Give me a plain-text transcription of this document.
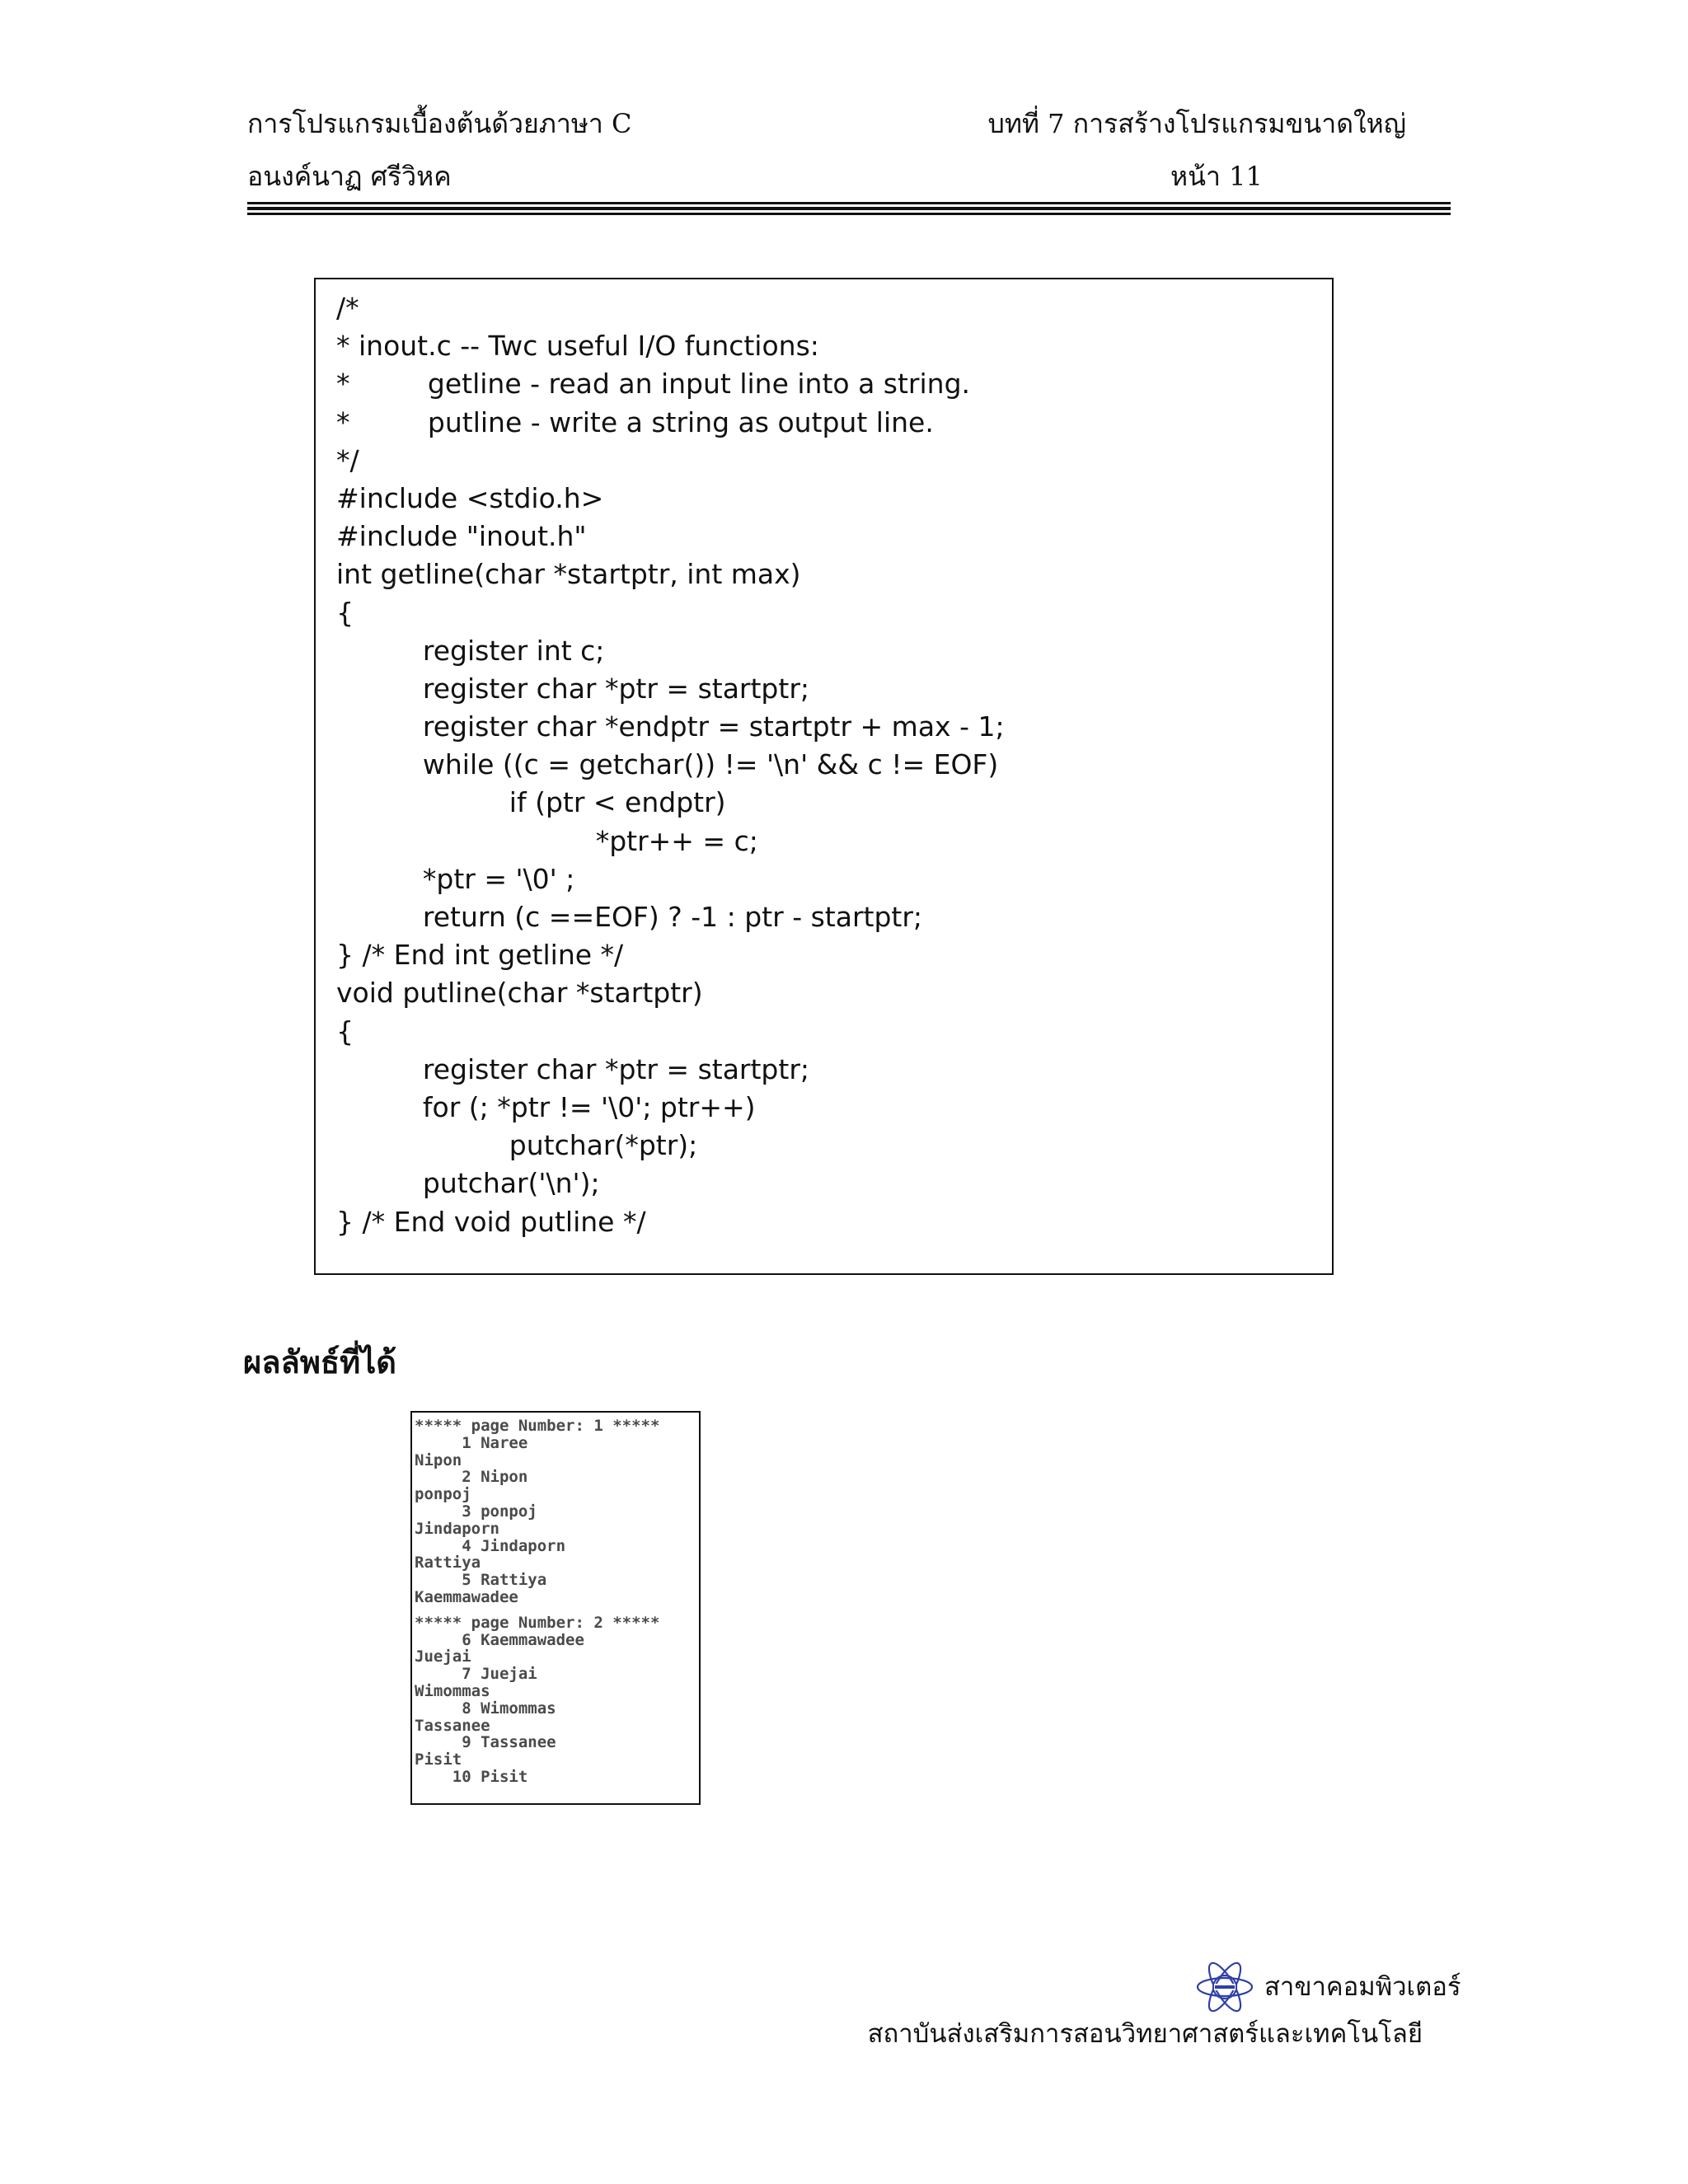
การโปรแกรมเบื้องต้นด้วยภาษา C	บทที่ 7 การสร้างโปรแกรมขนาดใหญ่
อนงค์นาฏ ศรีวิหค	หน้า 11
/*
* inout.c -- Twc useful I/O functions:
*         getline - read an input line into a string.
*         putline - write a string as output line.
*/
#include <stdio.h>
#include "inout.h"
int getline(char *startptr, int max)
{
register int c;
register char *ptr = startptr;
register char *endptr = startptr + max - 1;
while ((c = getchar()) != '\n' && c != EOF)
if (ptr < endptr)
*ptr++ = c;
*ptr = '\0' ;
return (c ==EOF) ? -1 : ptr - startptr;
} /* End int getline */
void putline(char *startptr)
{
register char *ptr = startptr;
for (; *ptr != '\0'; ptr++)
putchar(*ptr);
putchar('\n');
} /* End void putline */
ผลลัพธ์ที่ได้
***** page Number: 1 *****
1 Naree
Nipon
2 Nipon
ponpoj
3 ponpoj
Jindaporn
4 Jindaporn
Rattiya
5 Rattiya
Kaemmawadee
***** page Number: 2 *****
6 Kaemmawadee
Juejai
7 Juejai
Wimommas
8 Wimommas
Tassanee
9 Tassanee
Pisit
10 Pisit
สาขาคอมพิวเตอร์
สถาบันส่งเสริมการสอนวิทยาศาสตร์และเทคโนโลยี
